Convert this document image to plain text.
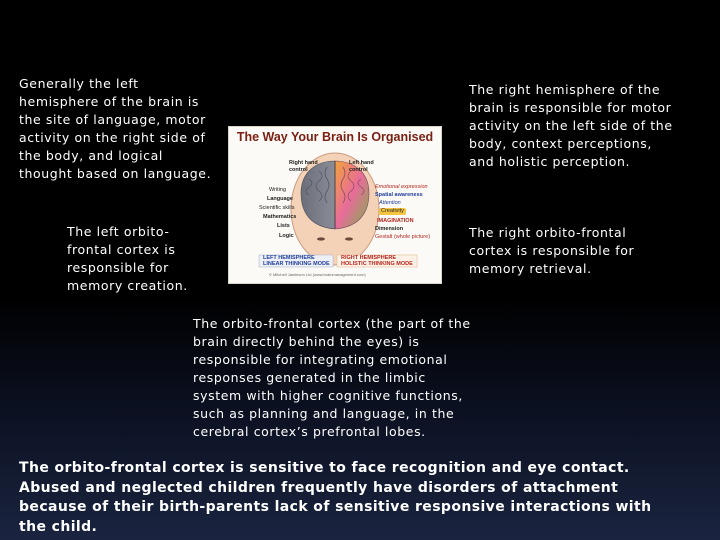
Generally the left hemisphere of the brain is the site of language, motor activity on the right side of the body, and logical thought based on language.

The right hemisphere of the brain is responsible for motor activity on the left side of the body, context perceptions, and holistic perception.

The left orbito-frontal cortex is responsible for memory creation.

The right orbito-frontal cortex is responsible for memory retrieval.

The Way Your Brain Is Organised
Right hand control
Left hand control
Writing
Language
Scientific skills
Mathematics
Lists
Logic
Emotional expression
Spatial awareness
Attention
Creativity
IMAGINATION
Dimension
Gestalt (whole picture)
LEFT HEMISPHERE
LINEAR THINKING MODE
RIGHT HEMISPHERE
HOLISTIC THINKING MODE
© Mitchell Jamieson Ltd (www.brainmanagement.com)

The orbito-frontal cortex (the part of the brain directly behind the eyes) is responsible for integrating emotional responses generated in the limbic system with higher cognitive functions, such as planning and language, in the cerebral cortex’s prefrontal lobes.

The orbito-frontal cortex is sensitive to face recognition and eye contact. Abused and neglected children frequently have disorders of attachment because of their birth-parents lack of sensitive responsive interactions with the child.
